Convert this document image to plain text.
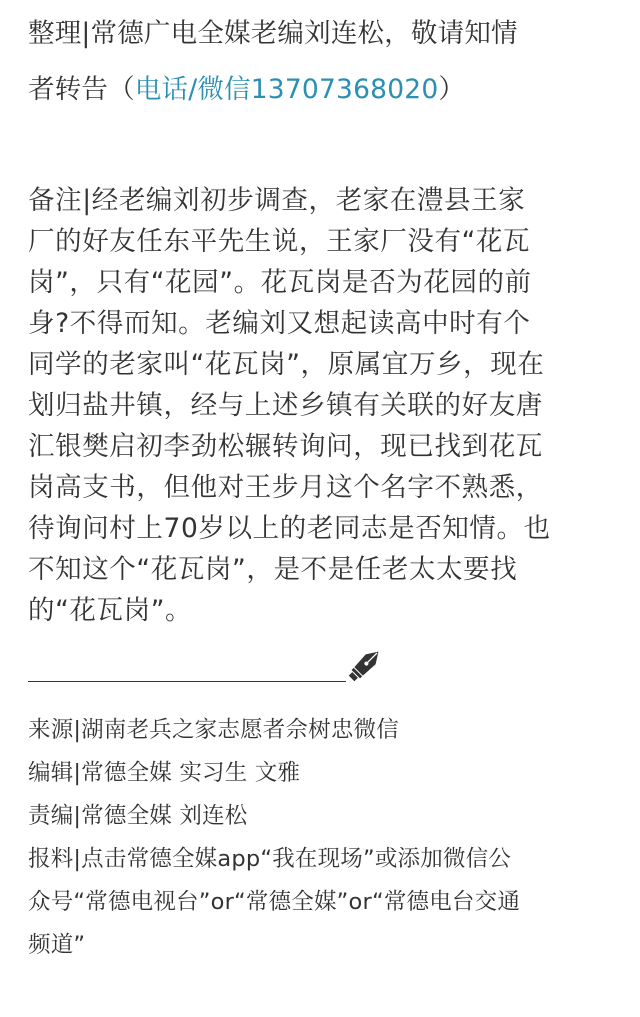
整理|常德广电全媒老编刘连松，敬请知情
者转告（电话/微信13707368020）
备注|经老编刘初步调查，老家在澧县王家
厂的好友任东平先生说，王家厂没有“花瓦
岗”，只有“花园”。花瓦岗是否为花园的前
身?不得而知。老编刘又想起读高中时有个
同学的老家叫“花瓦岗”，原属宜万乡，现在
划归盐井镇，经与上述乡镇有关联的好友唐
汇银樊启初李劲松辗转询问，现已找到花瓦
岗高支书，但他对王步月这个名字不熟悉，
待询问村上70岁以上的老同志是否知情。也
不知这个“花瓦岗”，是不是任老太太要找
的“花瓦岗”。
来源|湖南老兵之家志愿者佘树忠微信
编辑|常德全媒 实习生 文雅
责编|常德全媒 刘连松
报料|点击常德全媒app“我在现场”或添加微信公
众号“常德电视台”or“常德全媒”or“常德电台交通
频道”
